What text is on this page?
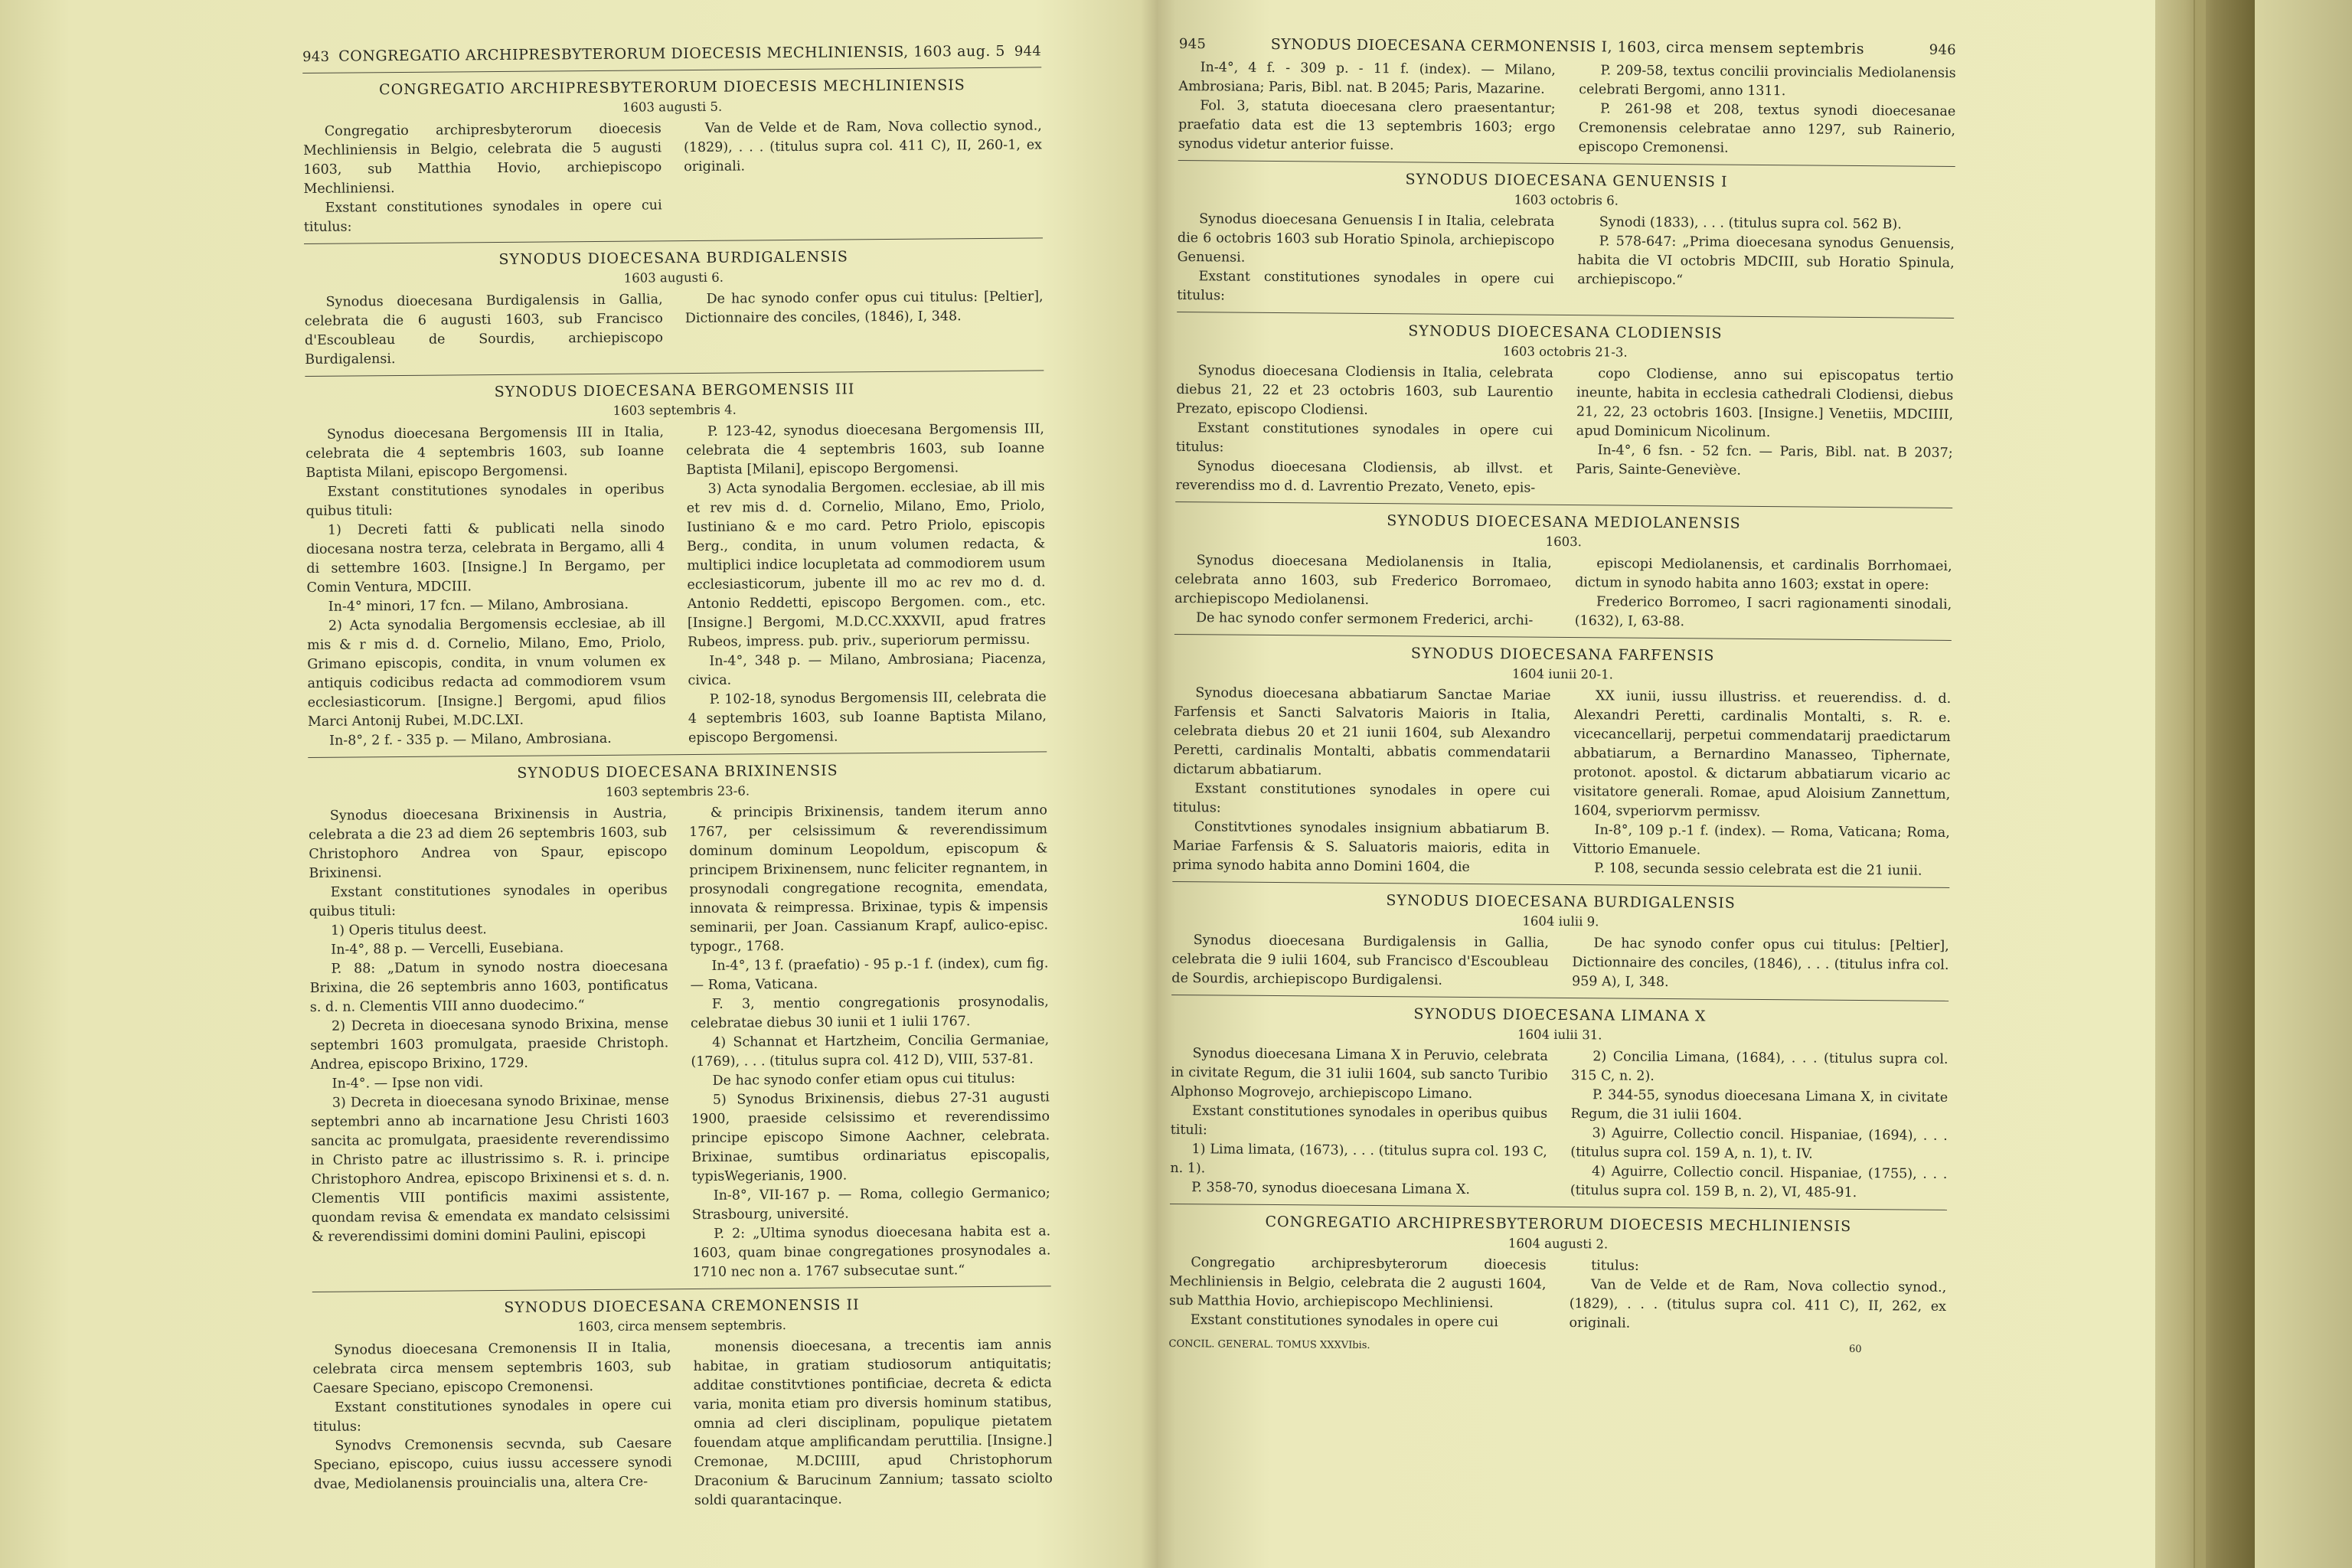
943 CONGREGATIO ARCHIPRESBYTERORUM DIOECESIS MECHLINIENSIS, 1603 aug. 5 944
CONGREGATIO ARCHIPRESBYTERORUM DIOECESIS MECHLINIENSIS
1603 augusti 5.

Congregatio archipresbyterorum dioecesis Mechliniensis in Belgio, celebrata die 5 augusti 1603, sub Matthia Hovio, archiepiscopo Mechliniensi.

Exstant constitutiones synodales in opere cui titulus:

Van de Velde et de Ram, Nova collectio synod., (1829), . . . (titulus supra col. 411 C), II, 260-1, ex originali.

SYNODUS DIOECESANA BURDIGALENSIS
1603 augusti 6.

Synodus dioecesana Burdigalensis in Gallia, celebrata die 6 augusti 1603, sub Francisco d'Escoubleau de Sourdis, archiepiscopo Burdigalensi.

De hac synodo confer opus cui titulus: [Peltier], Dictionnaire des conciles, (1846), I, 348.

SYNODUS DIOECESANA BERGOMENSIS III
1603 septembris 4.

Synodus dioecesana Bergomensis III in Italia, celebrata die 4 septembris 1603, sub Ioanne Baptista Milani, episcopo Bergomensi.

Exstant constitutiones synodales in operibus quibus tituli:

1) Decreti fatti & publicati nella sinodo diocesana nostra terza, celebrata in Bergamo, alli 4 di settembre 1603. [Insigne.] In Bergamo, per Comin Ventura, MDCIII.

In-4° minori, 17 fcn. — Milano, Ambrosiana.

2) Acta synodalia Bergomensis ecclesiae, ab ill mis & r mis d. d. Cornelio, Milano, Emo, Priolo, Grimano episcopis, condita, in vnum volumen ex antiquis codicibus redacta ad commodiorem vsum ecclesiasticorum. [Insigne.] Bergomi, apud filios Marci Antonij Rubei, M.DC.LXI.

In-8°, 2 f. - 335 p. — Milano, Ambrosiana.

P. 123-42, synodus dioecesana Bergomensis III, celebrata die 4 septembris 1603, sub Ioanne Baptista [Milani], episcopo Bergomensi.

3) Acta synodalia Bergomen. ecclesiae, ab ill mis et rev mis d. d. Cornelio, Milano, Emo, Priolo, Iustiniano & e mo card. Petro Priolo, episcopis Berg., condita, in unum volumen redacta, & multiplici indice locupletata ad commodiorem usum ecclesiasticorum, jubente ill mo ac rev mo d. d. Antonio Reddetti, episcopo Bergomen. com., etc. [Insigne.] Bergomi, M.D.CC.XXXVII, apud fratres Rubeos, impress. pub. priv., superiorum permissu.

In-4°, 348 p. — Milano, Ambrosiana; Piacenza, civica.

P. 102-18, synodus Bergomensis III, celebrata die 4 septembris 1603, sub Ioanne Baptista Milano, episcopo Bergomensi.

SYNODUS DIOECESANA BRIXINENSIS
1603 septembris 23-6.

Synodus dioecesana Brixinensis in Austria, celebrata a die 23 ad diem 26 septembris 1603, sub Christophoro Andrea von Spaur, episcopo Brixinensi.

Exstant constitutiones synodales in operibus quibus tituli:

1) Operis titulus deest.

In-4°, 88 p. — Vercelli, Eusebiana.

P. 88: „Datum in synodo nostra dioecesana Brixina, die 26 septembris anno 1603, pontificatus s. d. n. Clementis VIII anno duodecimo.“

2) Decreta in dioecesana synodo Brixina, mense septembri 1603 promulgata, praeside Christoph. Andrea, episcopo Brixino, 1729.

In-4°. — Ipse non vidi.

3) Decreta in dioecesana synodo Brixinae, mense septembri anno ab incarnatione Jesu Christi 1603 sancita ac promulgata, praesidente reverendissimo in Christo patre ac illustrissimo s. R. i. principe Christophoro Andrea, episcopo Brixinensi et s. d. n. Clementis VIII pontificis maximi assistente, quondam revisa & emendata ex mandato celsissimi & reverendissimi domini domini Paulini, episcopi

& principis Brixinensis, tandem iterum anno 1767, per celsissimum & reverendissimum dominum dominum Leopoldum, episcopum & principem Brixinensem, nunc feliciter regnantem, in prosynodali congregatione recognita, emendata, innovata & reimpressa. Brixinae, typis & impensis seminarii, per Joan. Cassianum Krapf, aulico-episc. typogr., 1768.

In-4°, 13 f. (praefatio) - 95 p.-1 f. (index), cum fig. — Roma, Vaticana.

F. 3, mentio congregationis prosynodalis, celebratae diebus 30 iunii et 1 iulii 1767.

4) Schannat et Hartzheim, Concilia Germaniae, (1769), . . . (titulus supra col. 412 D), VIII, 537-81.

De hac synodo confer etiam opus cui titulus:

5) Synodus Brixinensis, diebus 27-31 augusti 1900, praeside celsissimo et reverendissimo principe episcopo Simone Aachner, celebrata. Brixinae, sumtibus ordinariatus episcopalis, typisWegerianis, 1900.

In-8°, VII-167 p. — Roma, collegio Germanico; Strasbourg, université.

P. 2: „Ultima synodus dioecesana habita est a. 1603, quam binae congregationes prosynodales a. 1710 nec non a. 1767 subsecutae sunt.“

SYNODUS DIOECESANA CREMONENSIS II
1603, circa mensem septembris.

Synodus dioecesana Cremonensis II in Italia, celebrata circa mensem septembris 1603, sub Caesare Speciano, episcopo Cremonensi.

Exstant constitutiones synodales in opere cui titulus:

Synodvs Cremonensis secvnda, sub Caesare Speciano, episcopo, cuius iussu accessere synodi dvae, Mediolanensis prouincialis una, altera Cre-

monensis dioecesana, a trecentis iam annis habitae, in gratiam studiosorum antiquitatis; additae constitvtiones pontificiae, decreta & edicta varia, monita etiam pro diversis hominum statibus, omnia ad cleri disciplinam, populique pietatem fouendam atque amplificandam peruttilia. [Insigne.] Cremonae, M.DCIIII, apud Christophorum Draconium & Barucinum Zannium; tassato sciolto soldi quarantacinque.

945	SYNODUS DIOECESANA CERMONENSIS I, 1603, circa mensem septembris	946

In-4°, 4 f. - 309 p. - 11 f. (index). — Milano, Ambrosiana; Paris, Bibl. nat. B 2045; Paris, Mazarine.

Fol. 3, statuta dioecesana clero praesentantur; praefatio data est die 13 septembris 1603; ergo synodus videtur anterior fuisse.

P. 209-58, textus concilii provincialis Mediolanensis celebrati Bergomi, anno 1311.

P. 261-98 et 208, textus synodi dioecesanae Cremonensis celebratae anno 1297, sub Rainerio, episcopo Cremonensi.

SYNODUS DIOECESANA GENUENSIS I
1603 octobris 6.

Synodus dioecesana Genuensis I in Italia, celebrata die 6 octobris 1603 sub Horatio Spinola, archiepiscopo Genuensi.

Exstant constitutiones synodales in opere cui titulus:

Synodi (1833), . . . (titulus supra col. 562 B).

P. 578-647: „Prima dioecesana synodus Genuensis, habita die VI octobris MDCIII, sub Horatio Spinula, archiepiscopo.“

SYNODUS DIOECESANA CLODIENSIS
1603 octobris 21-3.

Synodus dioecesana Clodiensis in Italia, celebrata diebus 21, 22 et 23 octobris 1603, sub Laurentio Prezato, episcopo Clodiensi.

Exstant constitutiones synodales in opere cui titulus:

Synodus dioecesana Clodiensis, ab illvst. et reverendiss mo d. d. Lavrentio Prezato, Veneto, epis-

copo Clodiense, anno sui episcopatus tertio ineunte, habita in ecclesia cathedrali Clodiensi, diebus 21, 22, 23 octobris 1603. [Insigne.] Venetiis, MDCIIII, apud Dominicum Nicolinum.

In-4°, 6 fsn. - 52 fcn. — Paris, Bibl. nat. B 2037; Paris, Sainte-Geneviève.

SYNODUS DIOECESANA MEDIOLANENSIS
1603.

Synodus dioecesana Mediolanensis in Italia, celebrata anno 1603, sub Frederico Borromaeo, archiepiscopo Mediolanensi.

De hac synodo confer sermonem Frederici, archi-

episcopi Mediolanensis, et cardinalis Borrhomaei, dictum in synodo habita anno 1603; exstat in opere:

Frederico Borromeo, I sacri ragionamenti sinodali, (1632), I, 63-88.

SYNODUS DIOECESANA FARFENSIS
1604 iunii 20-1.

Synodus dioecesana abbatiarum Sanctae Mariae Farfensis et Sancti Salvatoris Maioris in Italia, celebrata diebus 20 et 21 iunii 1604, sub Alexandro Peretti, cardinalis Montalti, abbatis commendatarii dictarum abbatiarum.

Exstant constitutiones synodales in opere cui titulus:

Constitvtiones synodales insignium abbatiarum B. Mariae Farfensis & S. Saluatoris maioris, edita in prima synodo habita anno Domini 1604, die

XX iunii, iussu illustriss. et reuerendiss. d. d. Alexandri Peretti, cardinalis Montalti, s. R. e. vicecancellarij, perpetui commendatarij praedictarum abbatiarum, a Bernardino Manasseo, Tiphernate, protonot. apostol. & dictarum abbatiarum vicario ac visitatore generali. Romae, apud Aloisium Zannettum, 1604, svperiorvm permissv.

In-8°, 109 p.-1 f. (index). — Roma, Vaticana; Roma, Vittorio Emanuele.

P. 108, secunda sessio celebrata est die 21 iunii.

SYNODUS DIOECESANA BURDIGALENSIS
1604 iulii 9.

Synodus dioecesana Burdigalensis in Gallia, celebrata die 9 iulii 1604, sub Francisco d'Escoubleau de Sourdis, archiepiscopo Burdigalensi.

De hac synodo confer opus cui titulus: [Peltier], Dictionnaire des conciles, (1846), . . . (titulus infra col. 959 A), I, 348.

SYNODUS DIOECESANA LIMANA X
1604 iulii 31.

Synodus dioecesana Limana X in Peruvio, celebrata in civitate Regum, die 31 iulii 1604, sub sancto Turibio Alphonso Mogrovejo, archiepiscopo Limano.

Exstant constitutiones synodales in operibus quibus tituli:

1) Lima limata, (1673), . . . (titulus supra col. 193 C, n. 1).

P. 358-70, synodus dioecesana Limana X.

2) Concilia Limana, (1684), . . . (titulus supra col. 315 C, n. 2).

P. 344-55, synodus dioecesana Limana X, in civitate Regum, die 31 iulii 1604.

3) Aguirre, Collectio concil. Hispaniae, (1694), . . . (titulus supra col. 159 A, n. 1), t. IV.

4) Aguirre, Collectio concil. Hispaniae, (1755), . . . (titulus supra col. 159 B, n. 2), VI, 485-91.

CONGREGATIO ARCHIPRESBYTERORUM DIOECESIS MECHLINIENSIS
1604 augusti 2.

Congregatio archipresbyterorum dioecesis Mechliniensis in Belgio, celebrata die 2 augusti 1604, sub Matthia Hovio, archiepiscopo Mechliniensi.

Exstant constitutiones synodales in opere cui

titulus:

Van de Velde et de Ram, Nova collectio synod., (1829), . . . (titulus supra col. 411 C), II, 262, ex originali.

CONCIL. GENERAL. TOMUS XXXVIbis.	60
